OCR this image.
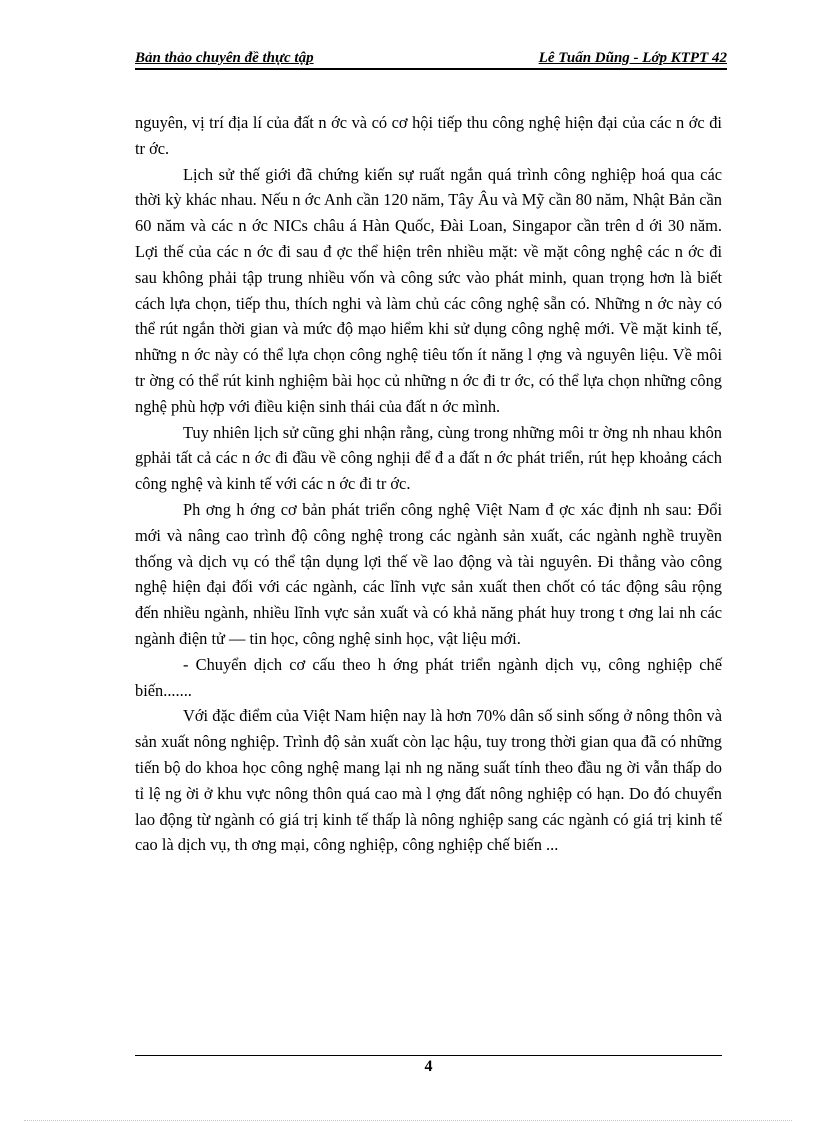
Bản thảo chuyên đề thực tập	Lê Tuấn Dũng - Lớp KTPT 42

nguyên, vị trí địa lí của đất n ớc và có cơ hội tiếp thu công nghệ hiện đại của các n ớc đi tr ớc.

Lịch sử thế giới đã chứng kiến sự ruất ngắn quá trình công nghiệp hoá qua các thời kỳ khác nhau. Nếu n ớc Anh cần 120 năm, Tây Âu và Mỹ cần 80 năm, Nhật Bản cần 60 năm và các n ớc NICs châu á Hàn Quốc, Đài Loan, Singapor cần trên d ới 30 năm. Lợi thế của các n ớc đi sau đ ợc thể hiện trên nhiều mặt: về mặt công nghệ các n ớc đi sau không phải tập trung nhiều vốn và công sức vào phát minh, quan trọng hơn là biết cách lựa chọn, tiếp thu, thích nghi và làm chủ các công nghệ sẵn có. Những n ớc này có thể rút ngắn thời gian và mức độ mạo hiểm khi sử dụng công nghệ mới. Về mặt kinh tế, những n ớc này có thể lựa chọn công nghệ tiêu tốn ít năng l ợng và nguyên liệu. Về môi tr ờng có thể rút kinh nghiệm bài học củ những n ớc đi tr ớc, có thể lựa chọn những công nghệ phù hợp với điều kiện sinh thái của đất n ớc mình.

Tuy nhiên lịch sử cũng ghi nhận rằng, cùng trong những môi tr ờng nh nhau khôn gphải tất cả các n ớc đi đầu về công nghịi để đ a đất n ớc phát triển, rút hẹp khoảng cách công nghệ và kinh tế với các n ớc đi tr ớc.

Ph ơng h ớng cơ bản phát triển công nghệ Việt Nam đ ợc xác định nh sau: Đổi mới và nâng cao trình độ công nghệ trong các ngành sản xuất, các ngành nghề truyền thống và dịch vụ có thể tận dụng lợi thế về lao động và tài nguyên. Đi thẳng vào công nghệ hiện đại đối với các ngành, các lĩnh vực sản xuất then chốt có tác động sâu rộng đến nhiều ngành, nhiều lĩnh vực sản xuất và có khả năng phát huy trong t ơng lai nh các ngành điện tử — tin học, công nghệ sinh học, vật liệu mới.

- Chuyển dịch cơ cấu theo h ớng phát triển ngành dịch vụ, công nghiệp chế biến.......

Với đặc điểm của Việt Nam hiện nay là hơn 70% dân số sinh sống ở nông thôn và sản xuất nông nghiệp. Trình độ sản xuất còn lạc hậu, tuy trong thời gian qua đã có những tiến bộ do khoa học công nghệ mang lại nh ng năng suất tính theo đầu ng ời vẫn thấp do tỉ lệ ng ời ở khu vực nông thôn quá cao mà l ợng đất nông nghiệp có hạn. Do đó chuyển lao động từ ngành có giá trị kinh tế thấp là nông nghiệp sang các ngành có giá trị kinh tế cao là dịch vụ, th ơng mại, công nghiệp, công nghiệp chế biến ...

4
